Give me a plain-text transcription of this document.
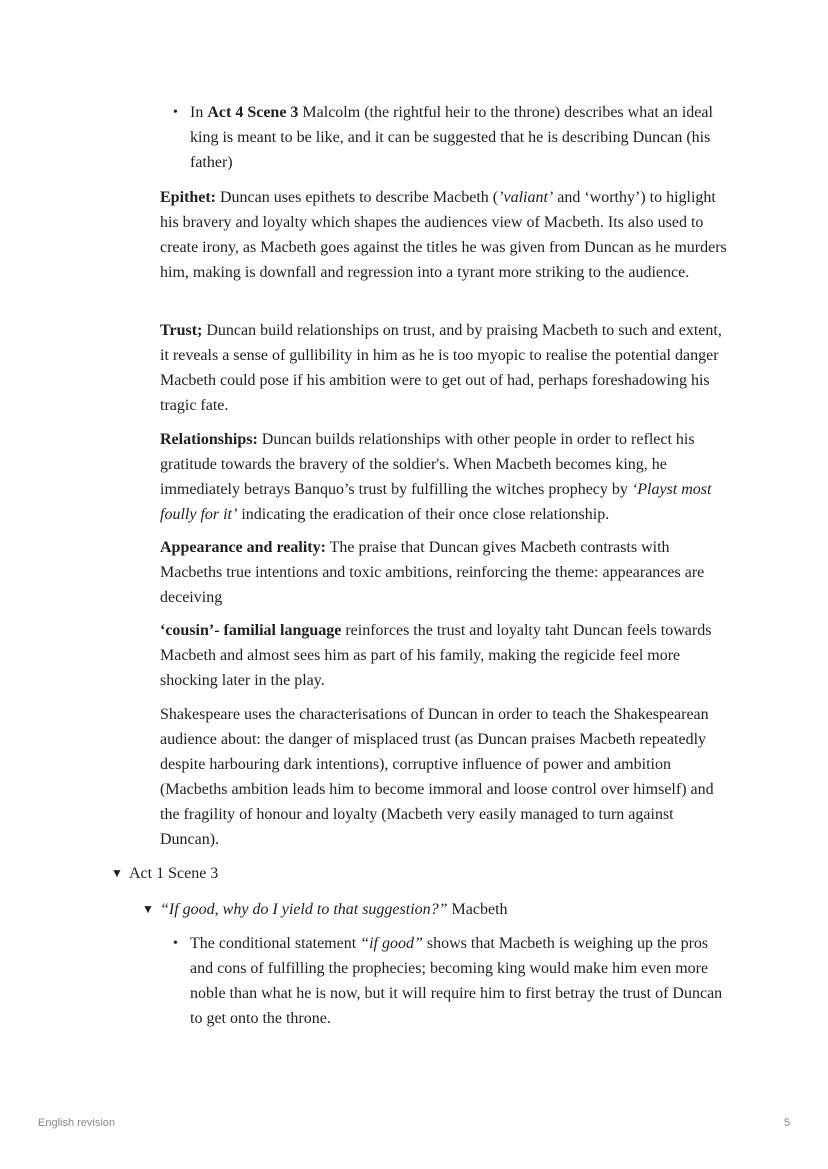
• In Act 4 Scene 3 Malcolm (the rightful heir to the throne) describes what an ideal king is meant to be like, and it can be suggested that he is describing Duncan (his father)
Epithet: Duncan uses epithets to describe Macbeth (’valiant’ and ‘worthy’) to higlight his bravery and loyalty which shapes the audiences view of Macbeth. Its also used to create irony, as Macbeth goes against the titles he was given from Duncan as he murders him, making is downfall and regression into a tyrant more striking to the audience.
Trust; Duncan build relationships on trust, and by praising Macbeth to such and extent, it reveals a sense of gullibility in him as he is too myopic to realise the potential danger Macbeth could pose if his ambition were to get out of had, perhaps foreshadowing his tragic fate.
Relationships: Duncan builds relationships with other people in order to reflect his gratitude towards the bravery of the soldier's. When Macbeth becomes king, he immediately betrays Banquo’s trust by fulfilling the witches prophecy by ‘Playst most foully for it’ indicating the eradication of their once close relationship.
Appearance and reality: The praise that Duncan gives Macbeth contrasts with Macbeths true intentions and toxic ambitions, reinforcing the theme: appearances are deceiving
‘cousin’- familial language reinforces the trust and loyalty taht Duncan feels towards Macbeth and almost sees him as part of his family, making the regicide feel more shocking later in the play.
Shakespeare uses the characterisations of Duncan in order to teach the Shakespearean audience about: the danger of misplaced trust (as Duncan praises Macbeth repeatedly despite harbouring dark intentions), corruptive influence of power and ambition (Macbeths ambition leads him to become immoral and loose control over himself) and the fragility of honour and loyalty (Macbeth very easily managed to turn against Duncan).
▼ Act 1 Scene 3
▼ “If good, why do I yield to that suggestion?” Macbeth
• The conditional statement “if good” shows that Macbeth is weighing up the pros and cons of fulfilling the prophecies; becoming king would make him even more noble than what he is now, but it will require him to first betray the trust of Duncan to get onto the throne.
English revision	5
